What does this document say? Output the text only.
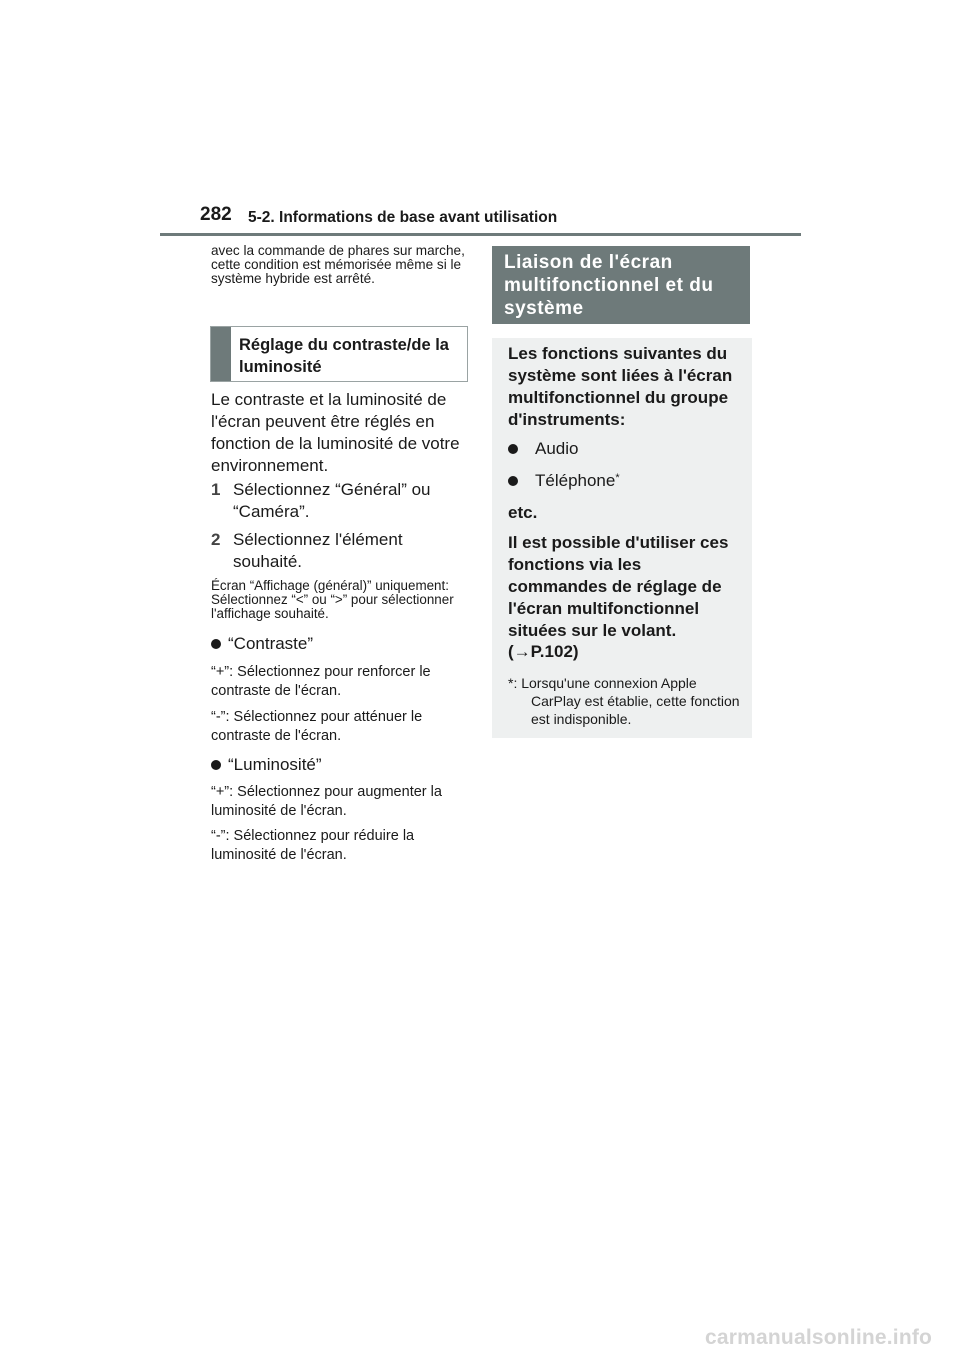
282 5-2. Informations de base avant utilisation
avec la commande de phares sur marche, cette condition est mémorisée même si le système hybride est arrêté.
Réglage du contraste/de la luminosité
Le contraste et la luminosité de l'écran peuvent être réglés en fonction de la luminosité de votre environnement.
1 Sélectionnez “Général” ou “Caméra”.
2 Sélectionnez l'élément souhaité.
Écran “Affichage (général)” uniquement: Sélectionnez “<” ou “>” pour sélectionner l'affichage souhaité.
“Contraste”
“+”: Sélectionnez pour renforcer le contraste de l'écran.
“-”: Sélectionnez pour atténuer le contraste de l'écran.
“Luminosité”
“+”: Sélectionnez pour augmenter la luminosité de l'écran.
“-”: Sélectionnez pour réduire la luminosité de l'écran.
Liaison de l'écran multifonctionnel et du système
Les fonctions suivantes du système sont liées à l'écran multifonctionnel du groupe d'instruments:
Audio
Téléphone*
etc.
Il est possible d'utiliser ces fonctions via les commandes de réglage de l'écran multifonctionnel situées sur le volant.
(→P.102)
*: Lorsqu'une connexion Apple CarPlay est établie, cette fonction est indisponible.
carmanualsonline.info
